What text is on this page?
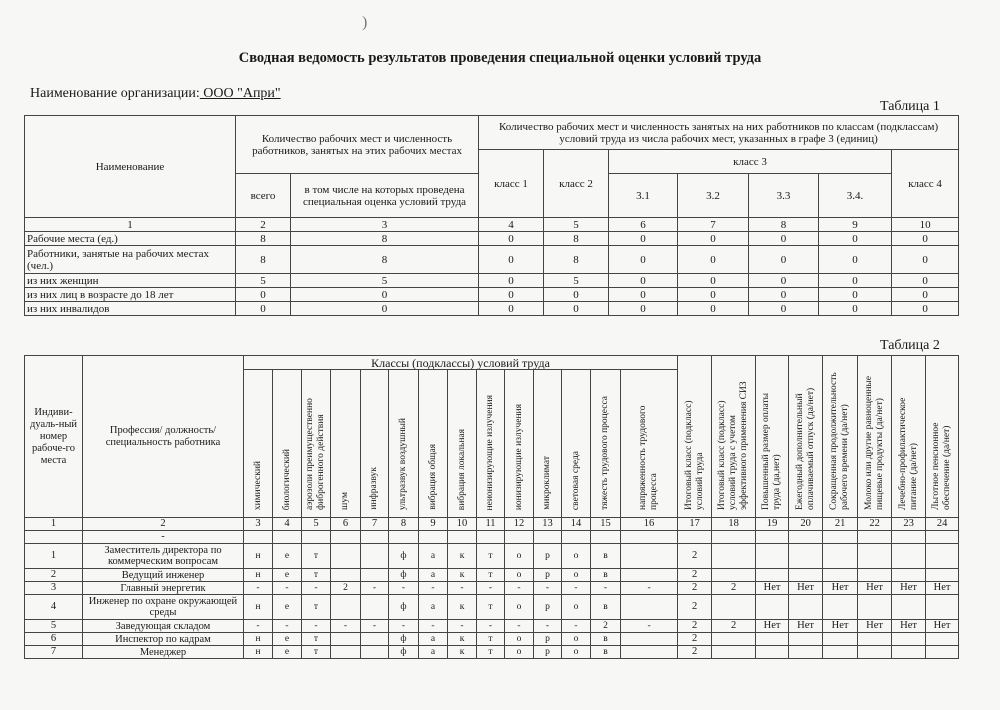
)
Сводная ведомость результатов проведения специальной оценки условий труда
Наименование организации: ООО "Апри"
Таблица 1
Наименование	Количество рабочих мест и численность работников, занятых на этих рабочих местах		Количество рабочих мест и численность занятых на них работников по классам (подклассам) условий труда из числа рабочих мест, указанных в графе 3 (единиц)						
			класс 1	класс 2	класс 3				класс 4
	всего	в том числе на которых проведена специальная оценка условий труда			3.1	3.2	3.3	3.4.	
1	2	3	4	5	6	7	8	9	10
Рабочие места (ед.)	8	8	0	8	0	0	0	0	0
Работники, занятые на рабочих местах (чел.)	8	8	0	8	0	0	0	0	0
из них женщин	5	5	0	5	0	0	0	0	0
из них лиц в возрасте до 18 лет	0	0	0	0	0	0	0	0	0
из них инвалидов	0	0	0	0	0	0	0	0	0
Таблица 2
Индиви-дуаль-ный номер рабоче-го места	Профессия/ должность/ специальность работника	Классы (подклассы) условий труда														Итоговый класс (подкласс) условий труда	Итоговый класс (подкласс) условий труда с учетом эффективного применения СИЗ	Повышенный размер оплаты труда (да,нет)	Ежегодный дополнительный оплачиваемый отпуск (да/нет)	Сокращенная продолжительность рабочего времени (да/нет)	Молоко или другие равноценные пищевые продукты (да/нет)	Лечебно-профилактическое питание (да/нет)	Льготное пенсионное обеспечение (да/нет)
		химический	биологический	аэрозоли преимущественно фиброгенного действия	шум	инфразвук	ультразвук воздушный	вибрация общая	вибрация локальная	неионизирующие излучения	ионизирующие излучения	микроклимат	световая среда	тяжесть трудового процесса	напряженность трудового процесса								
1	2	3	4	5	6	7	8	9	10	11	12	13	14	15	16	17	18	19	20	21	22	23	24
	-																						
1	Заместитель директора по коммерческим вопросам	н	е	т			ф	а	к	т	о	р	о	в		2							
2	Ведущий инженер	н	е	т			ф	а	к	т	о	р	о	в		2							
3	Главный энергетик	-	-	-	2	-	-	-	-	-	-	-	-	-	-	2	2	Нет	Нет	Нет	Нет	Нет	Нет
4	Инженер по охране окружающей среды	н	е	т			ф	а	к	т	о	р	о	в		2							
5	Заведующая складом	-	-	-	-	-	-	-	-	-	-	-	-	2	-	2	2	Нет	Нет	Нет	Нет	Нет	Нет
6	Инспектор по кадрам	н	е	т			ф	а	к	т	о	р	о	в		2							
7	Менеджер	н	е	т			ф	а	к	т	о	р	о	в		2							
